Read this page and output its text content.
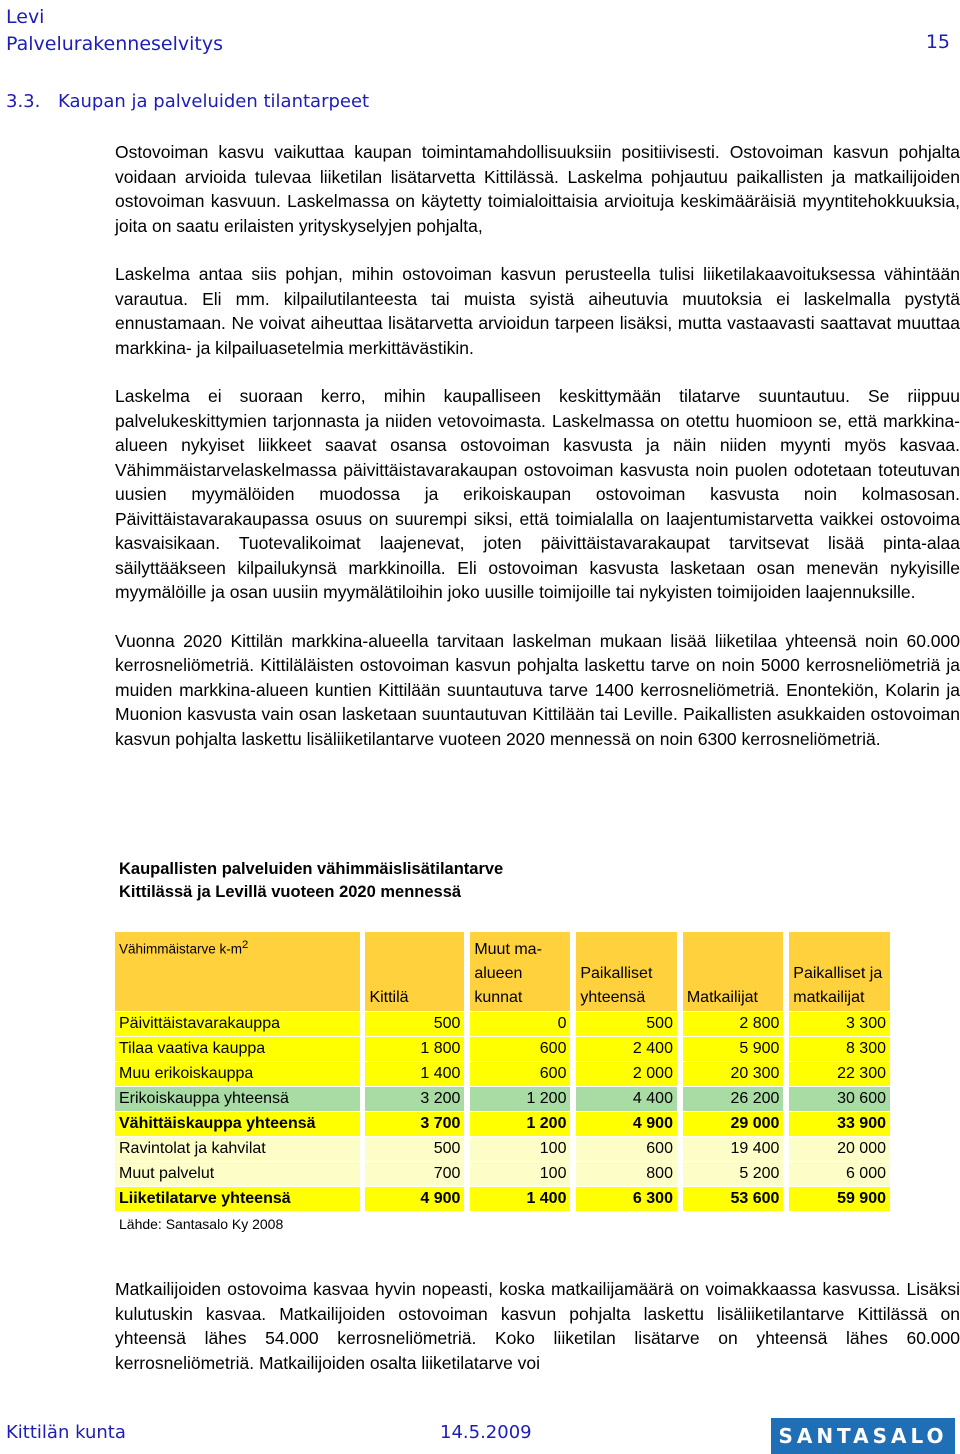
Levi
Palvelurakenneselvitys	15
3.3. Kaupan ja palveluiden tilantarpeet

Ostovoiman kasvu vaikuttaa kaupan toimintamahdollisuuksiin positiivisesti. Ostovoiman kasvun pohjalta voidaan arvioida tulevaa liiketilan lisätarvetta Kittilässä. Laskelma pohjautuu paikallisten ja matkailijoiden ostovoiman kasvuun. Laskelmassa on käytetty toimialoittaisia arvioituja keskimääräisiä myyntitehokkuuksia, joita on saatu erilaisten yrityskyselyjen pohjalta,

Laskelma antaa siis pohjan, mihin ostovoiman kasvun perusteella tulisi liiketilakaavoituksessa vähintään varautua. Eli mm. kilpailutilanteesta tai muista syistä aiheutuvia muutoksia ei laskelmalla pystytä ennustamaan. Ne voivat aiheuttaa lisätarvetta arvioidun tarpeen lisäksi, mutta vastaavasti saattavat muuttaa markkina- ja kilpailuasetelmia merkittävästikin.

Laskelma ei suoraan kerro, mihin kaupalliseen keskittymään tilatarve suuntautuu. Se riippuu palvelukeskittymien tarjonnasta ja niiden vetovoimasta. Laskelmassa on otettu huomioon se, että markkina-alueen nykyiset liikkeet saavat osansa ostovoiman kasvusta ja näin niiden myynti myös kasvaa. Vähimmäistarvelaskelmassa päivittäistavarakaupan ostovoiman kasvusta noin puolen odotetaan toteutuvan uusien myymälöiden muodossa ja erikoiskaupan ostovoiman kasvusta noin kolmasosan. Päivittäistavarakaupassa osuus on suurempi siksi, että toimialalla on laajentumistarvetta vaikkei ostovoima kasvaisikaan. Tuotevalikoimat laajenevat, joten päivittäistavarakaupat tarvitsevat lisää pinta-alaa säilyttääkseen kilpailukynsä markkinoilla. Eli ostovoiman kasvusta lasketaan osan menevän nykyisille myymälöille ja osan uusiin myymälätiloihin joko uusille toimijoille tai nykyisten toimijoiden laajennuksille.

Vuonna 2020 Kittilän markkina-alueella tarvitaan laskelman mukaan lisää liiketilaa yhteensä noin 60.000 kerrosneliömetriä. Kittiläläisten ostovoiman kasvun pohjalta laskettu tarve on noin 5000 kerrosneliömetriä ja muiden markkina-alueen kuntien Kittilään suuntautuva tarve 1400 kerrosneliömetriä. Enontekiön, Kolarin ja Muonion kasvusta vain osan lasketaan suuntautuvan Kittilään tai Leville. Paikallisten asukkaiden ostovoiman kasvun pohjalta laskettu lisäliiketilantarve vuoteen 2020 mennessä on noin 6300 kerrosneliömetriä.

Kaupallisten palveluiden vähimmäislisätilantarve
Kittilässä ja Levillä vuoteen 2020 mennessä
Vähimmäistarve $k-m^2$		Kittilä		Muut ma-alueen kunnat		Paikalliset yhteensä		Matkailijat		Paikalliset ja matkailijat
Päivittäistavarakauppa		500		0		500		2 800		3 300
Tilaa vaativa kauppa		1 800		600		2 400		5 900		8 300
Muu erikoiskauppa		1 400		600		2 000		20 300		22 300
Erikoiskauppa yhteensä		3 200		1 200		4 400		26 200		30 600
Vähittäiskauppa yhteensä		3 700		1 200		4 900		29 000		33 900
Ravintolat ja kahvilat		500		100		600		19 400		20 000
Muut palvelut		700		100		800		5 200		6 000
Liiketilatarve yhteensä		4 900		1 400		6 300		53 600		59 900
Lähde: Santasalo Ky 2008

Matkailijoiden ostovoima kasvaa hyvin nopeasti, koska matkailijamäärä on voimakkaassa kasvussa. Lisäksi kulutuskin kasvaa. Matkailijoiden ostovoiman kasvun pohjalta laskettu lisäliiketilantarve Kittilässä on yhteensä lähes 54.000 kerrosneliömetriä. Koko liiketilan lisätarve on yhteensä lähes 60.000 kerrosneliömetriä. Matkailijoiden osalta liiketilatarve voi

Kittilän kunta	14.5.2009	SANTASALO
